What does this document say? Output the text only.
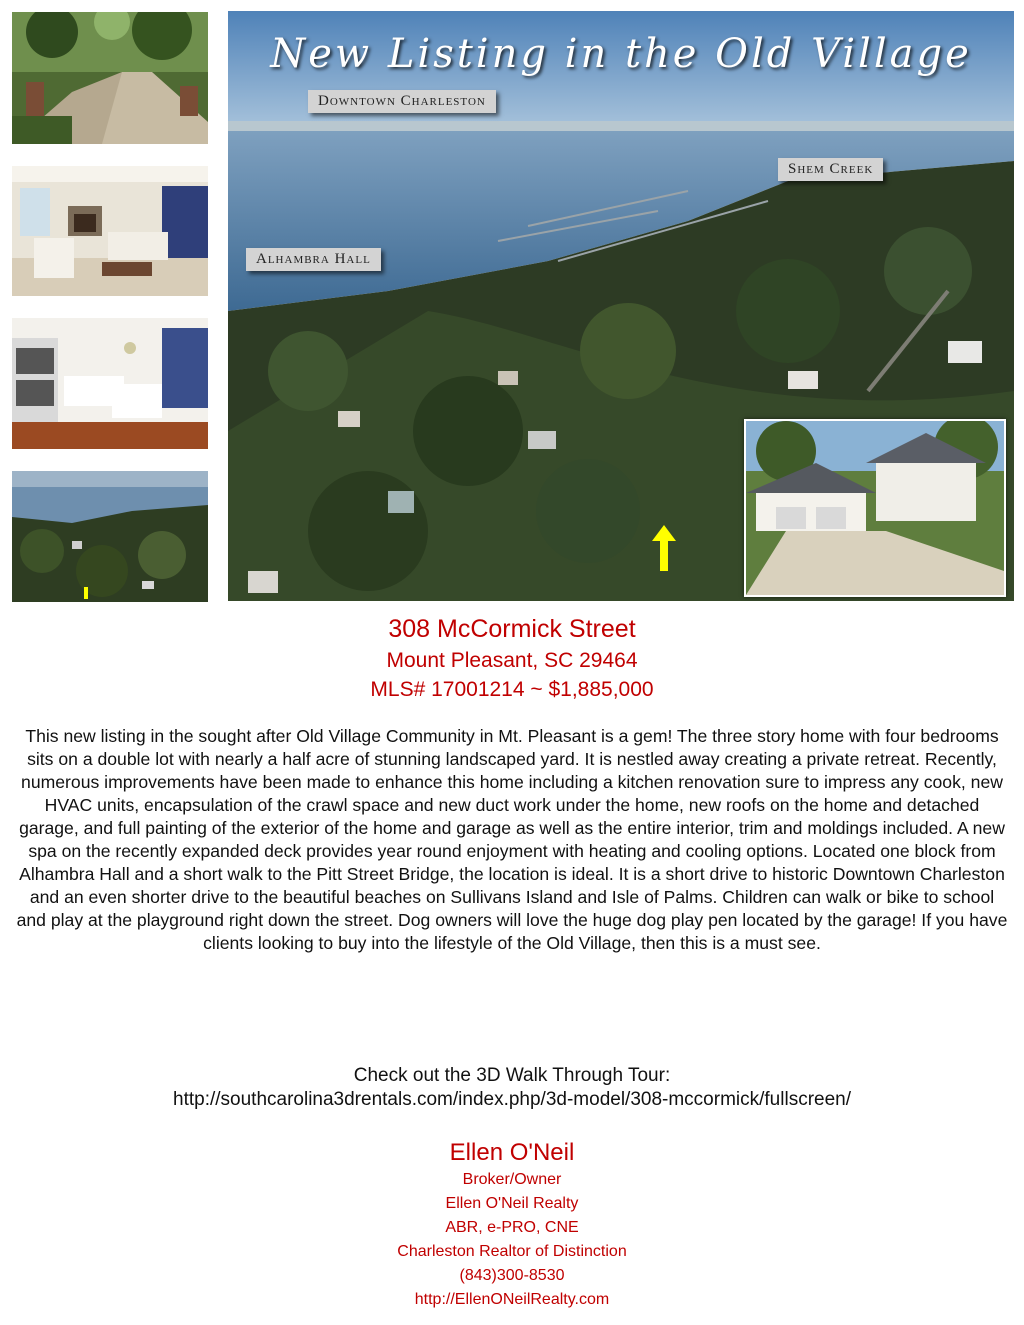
New Listing in the Old Village
Downtown Charleston
Shem Creek
Alhambra Hall
308 McCormick Street
Mount Pleasant, SC 29464
MLS# 17001214 ~ $1,885,000

This new listing in the sought after Old Village Community in Mt. Pleasant is a gem! The three story home with four bedrooms sits on a double lot with nearly a half acre of stunning landscaped yard. It is nestled away creating a private retreat. Recently, numerous improvements have been made to enhance this home including a kitchen renovation sure to impress any cook, new HVAC units, encapsulation of the crawl space and new duct work under the home, new roofs on the home and detached garage, and full painting of the exterior of the home and garage as well as the entire interior, trim and moldings included. A new spa on the recently expanded deck provides year round enjoyment with heating and cooling options. Located one block from Alhambra Hall and a short walk to the Pitt Street Bridge, the location is ideal. It is a short drive to historic Downtown Charleston and an even shorter drive to the beautiful beaches on Sullivans Island and Isle of Palms. Children can walk or bike to school and play at the playground right down the street. Dog owners will love the huge dog play pen located by the garage! If you have clients looking to buy into the lifestyle of the Old Village, then this is a must see.

Check out the 3D Walk Through Tour:
http://southcarolina3drentals.com/index.php/3d-model/308-mccormick/fullscreen/
Ellen O'Neil
Broker/Owner
Ellen O'Neil Realty
ABR, e-PRO, CNE
Charleston Realtor of Distinction
(843)300-8530
http://EllenONeilRealty.com
